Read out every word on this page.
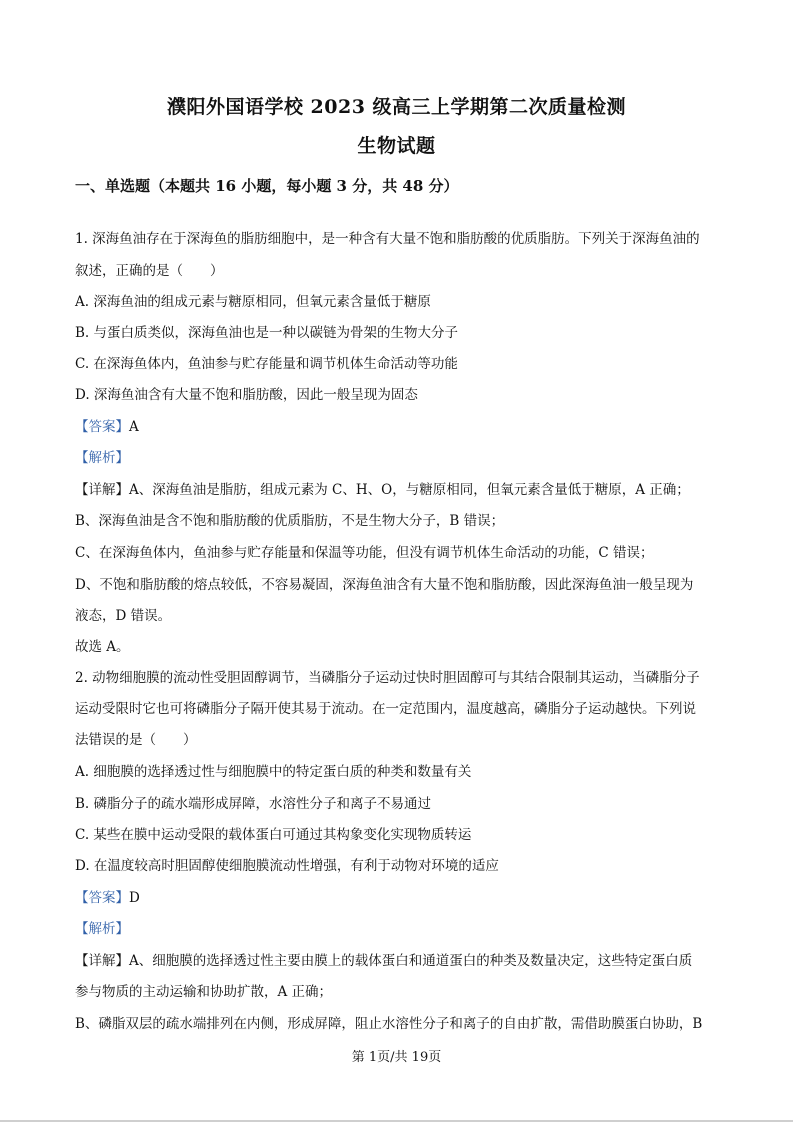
濮阳外国语学校 2023 级高三上学期第二次质量检测
生物试题
一、单选题（本题共 16 小题，每小题 3 分，共 48 分）
1. 深海鱼油存在于深海鱼的脂肪细胞中，是一种含有大量不饱和脂肪酸的优质脂肪。下列关于深海鱼油的
叙述，正确的是（　　）
A. 深海鱼油的组成元素与糖原相同，但氧元素含量低于糖原
B. 与蛋白质类似，深海鱼油也是一种以碳链为骨架的生物大分子
C. 在深海鱼体内，鱼油参与贮存能量和调节机体生命活动等功能
D. 深海鱼油含有大量不饱和脂肪酸，因此一般呈现为固态
【答案】A
【解析】
【详解】A、深海鱼油是脂肪，组成元素为 C、H、O，与糖原相同，但氧元素含量低于糖原，A 正确；
B、深海鱼油是含不饱和脂肪酸的优质脂肪，不是生物大分子，B 错误；
C、在深海鱼体内，鱼油参与贮存能量和保温等功能，但没有调节机体生命活动的功能，C 错误；
D、不饱和脂肪酸的熔点较低，不容易凝固，深海鱼油含有大量不饱和脂肪酸，因此深海鱼油一般呈现为
液态，D 错误。
故选 A。
2. 动物细胞膜的流动性受胆固醇调节，当磷脂分子运动过快时胆固醇可与其结合限制其运动，当磷脂分子
运动受限时它也可将磷脂分子隔开使其易于流动。在一定范围内，温度越高，磷脂分子运动越快。下列说
法错误的是（　　）
A. 细胞膜的选择透过性与细胞膜中的特定蛋白质的种类和数量有关
B. 磷脂分子的疏水端形成屏障，水溶性分子和离子不易通过
C. 某些在膜中运动受限的载体蛋白可通过其构象变化实现物质转运
D. 在温度较高时胆固醇使细胞膜流动性增强，有利于动物对环境的适应
【答案】D
【解析】
【详解】A、细胞膜的选择透过性主要由膜上的载体蛋白和通道蛋白的种类及数量决定，这些特定蛋白质
参与物质的主动运输和协助扩散，A 正确；
B、磷脂双层的疏水端排列在内侧，形成屏障，阻止水溶性分子和离子的自由扩散，需借助膜蛋白协助，B
第 1页/共 19页
